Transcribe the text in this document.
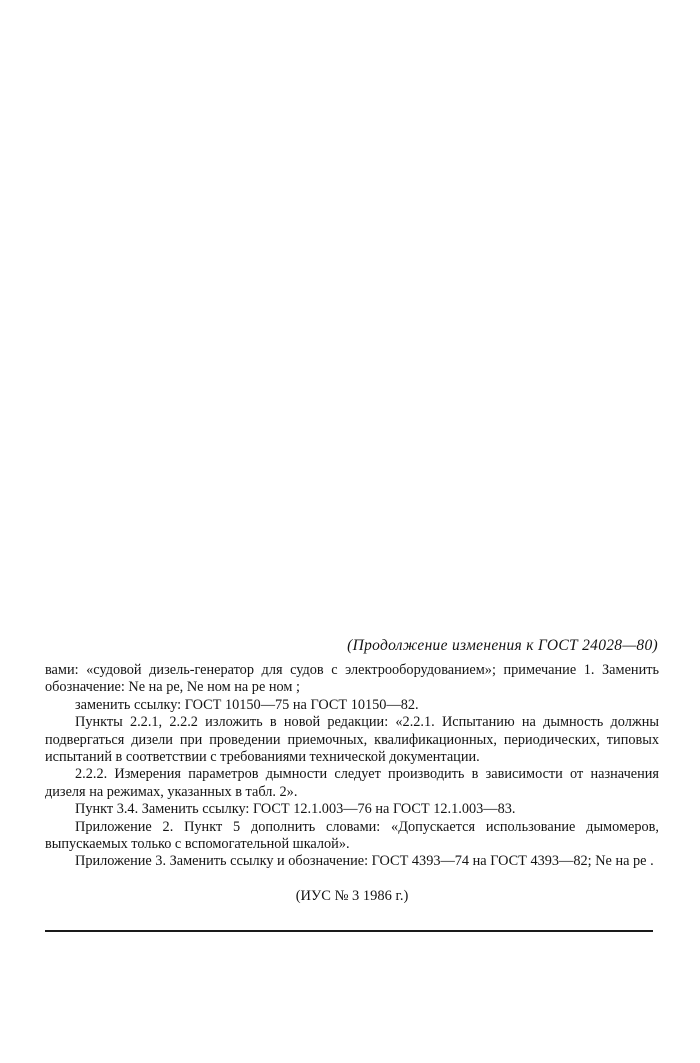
(Продолжение изменения к ГОСТ 24028—80)

вами: «судовой дизель-генератор для судов с электрооборудованием»; примечание 1. Заменить обозначение: Nе на pе, Nе ном на pе ном ;

заменить ссылку: ГОСТ 10150—75 на ГОСТ 10150—82.

Пункты 2.2.1, 2.2.2 изложить в новой редакции: «2.2.1. Испытанию на дымность должны подвергаться дизели при проведении приемочных, квалификационных, периодических, типовых испытаний в соответствии с требованиями технической документации.

2.2.2. Измерения параметров дымности следует производить в зависимости от назначения дизеля на режимах, указанных в табл. 2».

Пункт 3.4. Заменить ссылку: ГОСТ 12.1.003—76 на ГОСТ 12.1.003—83.

Приложение 2. Пункт 5 дополнить словами: «Допускается использование дымомеров, выпускаемых только с вспомогательной шкалой».

Приложение 3. Заменить ссылку и обозначение: ГОСТ 4393—74 на ГОСТ 4393—82; Nе на pе .

(ИУС № 3 1986 г.)
